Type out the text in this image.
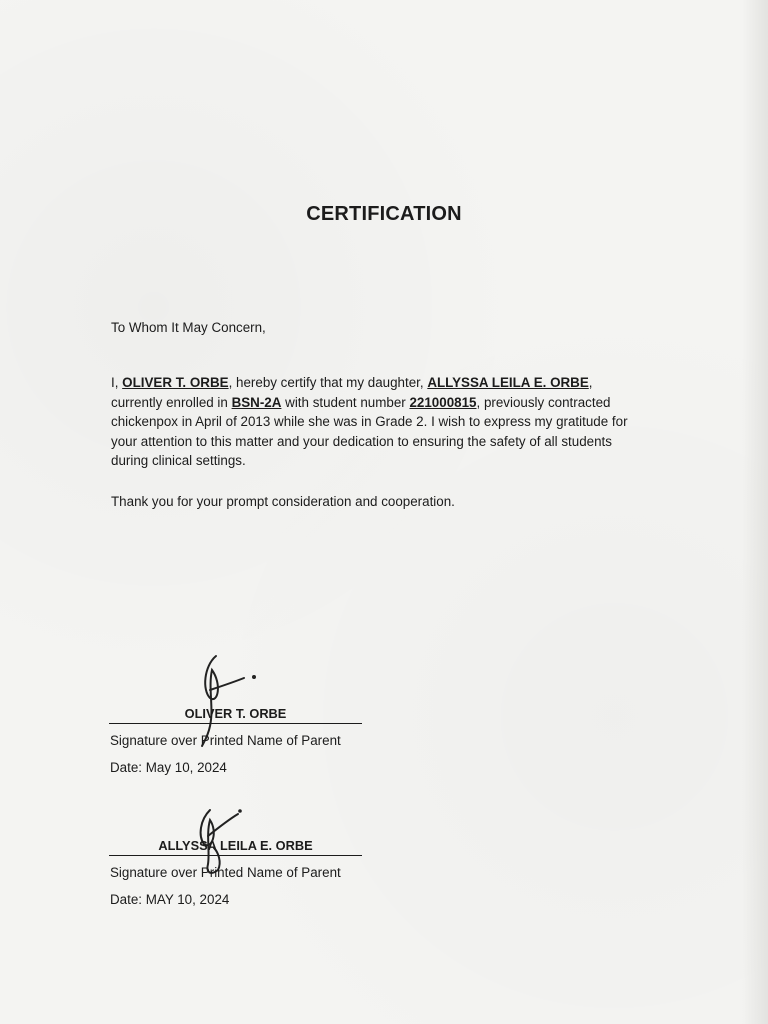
CERTIFICATION
To Whom It May Concern,
I, OLIVER T. ORBE, hereby certify that my daughter, ALLYSSA LEILA E. ORBE,
currently enrolled in BSN-2A with student number 221000815, previously contracted
chickenpox in April of 2013 while she was in Grade 2. I wish to express my gratitude for
your attention to this matter and your dedication to ensuring the safety of all students
during clinical settings.
Thank you for your prompt consideration and cooperation.
OLIVER T. ORBE
Signature over Printed Name of Parent
Date: May 10, 2024
ALLYSSA LEILA E. ORBE
Signature over Printed Name of Parent
Date: MAY 10, 2024
